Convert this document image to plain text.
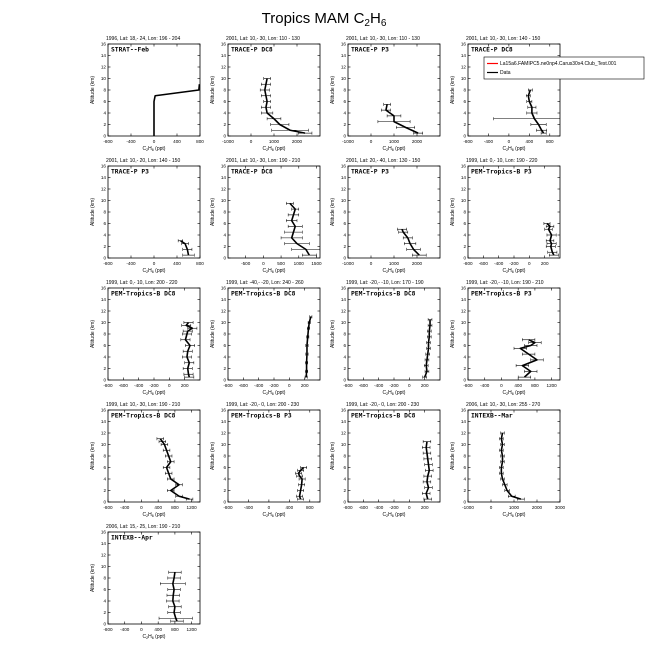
Tropics MAM $C_2H_6$
1996, Lat: 18,- 24, Lon: 196 - 204
STRAT--Feb
0
2
4
6
8
10
12
14
16
-800	-400	0	400	800
Altitude (km)
$C_2H_6$ (ppt)
2001, Lat: 10,- 30, Lon: 110 - 130
TRACE-P DC8
0
2
4
6
8
10
12
14
16
-1000	0	1000	2000
Altitude (km)
$C_2H_6$ (ppt)
2001, Lat: 10,- 30, Lon: 110 - 130
TRACE-P P3
0
2
4
6
8
10
12
14
16
-1000	0	1000	2000
Altitude (km)
$C_2H_6$ (ppt)
2001, Lat: 10,- 30, Lon: 140 - 150
TRACE-P DC8
0
2
4
6
8
10
12
14
16
-800 -400	0	400	800
Altitude (km)
$C_2H_6$ (ppt)
La15a6.FAMIPC5.ne0np4.Carus30x4.Club_Test.001
Data
2001, Lat: 10,- 20, Lon: 140 - 150
TRACE-P P3
0
2
4
6
8
10
12
14
16
-800	-400	0	400	800
Altitude (km)
$C_2H_6$ (ppt)
2001, Lat: 10,- 30, Lon: 190 - 210
TRACE-P DC8
0
2
4
6
8
10
12
14
16
-500	0	500 1000 1500
Altitude (km)
$C_2H_6$ (ppt)
2001, Lat: 20,- 40, Lon: 130 - 150
TRACE-P P3
0
2
4
6
8
10
12
14
16
-1000	0	1000	2000
Altitude (km)
$C_2H_6$ (ppt)
1999, Lat: 0,- 10, Lon: 190 - 220
PEM-Tropics-B P3
0
2
4
6
8
10
12
14
16
-800 -600 -400 -200 0 200
Altitude (km)
$C_2H_6$ (ppt)
1999, Lat: 0,- 10, Lon: 200 - 220
PEM-Tropics-B DC8
0
2
4
6
8
10
12
14
16
-800 -600 -400 -200 0 200
Altitude (km)
$C_2H_6$ (ppt)
1999, Lat: -40,- -20, Lon: 240 - 260
PEM-Tropics-B DC8
0
2
4
6
8
10
12
14
16
-800 -600 -400 -200 0 200
Altitude (km)
$C_2H_6$ (ppt)
1999, Lat: -20,- -10, Lon: 170 - 190
PEM-Tropics-B DC8
0
2
4
6
8
10
12
14
16
-800 -600 -400 -200 0 200
Altitude (km)
$C_2H_6$ (ppt)
1999, Lat: -20,- -10, Lon: 190 - 210
PEM-Tropics-B P3
0
2
4
6
8
10
12
14
16
-800 -400 0	400 800 1200
Altitude (km)
$C_2H_6$ (ppt)
1999, Lat: 10,- 30, Lon: 190 - 210
PEM-Tropics-B DC8
0
2
4
6
8
10
12
14
16
-800 -400 0	400 800 1200
Altitude (km)
$C_2H_6$ (ppt)
1999, Lat: -20,- 0, Lon: 200 - 230
PEM-Tropics-B P3
0
2
4
6
8
10
12
14
16
-800 -400	0	400	800
Altitude (km)
$C_2H_6$ (ppt)
1999, Lat: -20,- 0, Lon: 200 - 230
PEM-Tropics-B DC8
0
2
4
6
8
10
12
14
16
-800 -600 -400 -200 0 200
Altitude (km)
$C_2H_6$ (ppt)
2006, Lat: 10,- 30, Lon: 255 - 270
INTEXB--Mar
0
2
4
6
8
10
12
14
16
-1000	0	1000	2000	3000
Altitude (km)
$C_2H_6$ (ppt)
2006, Lat: 15,- 25, Lon: 190 - 210
INTEXB--Apr
0
2
4
6
8
10
12
14
16
-800 -400 0	400 800 1200
Altitude (km)
$C_2H_6$ (ppt)
